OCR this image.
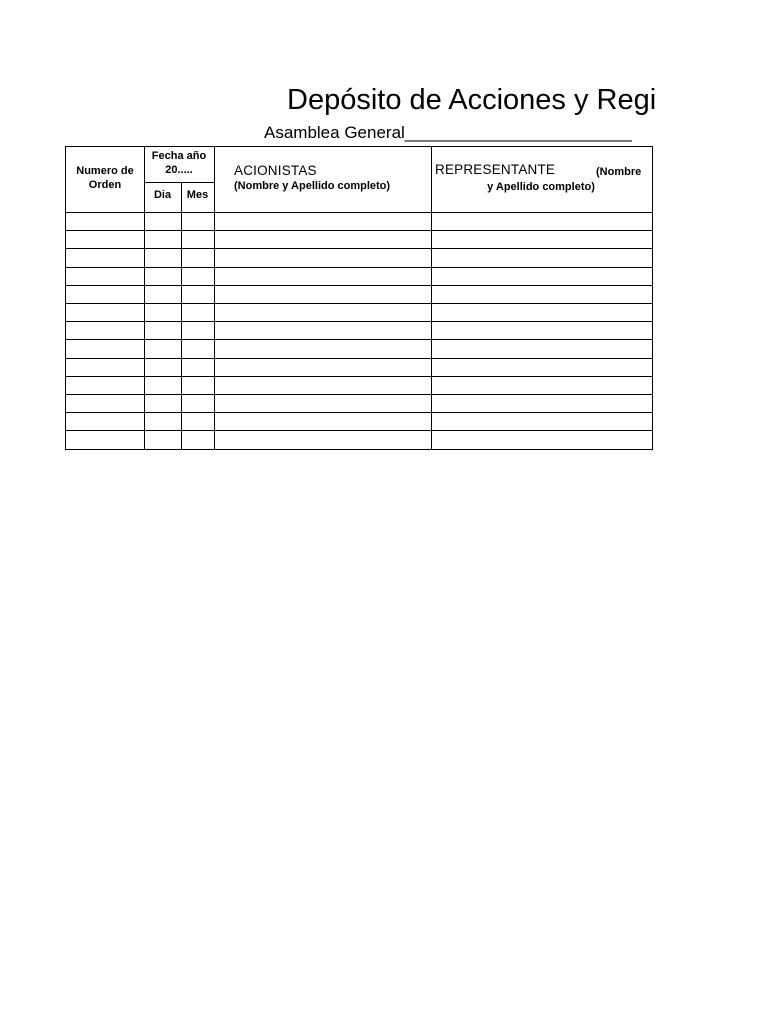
Depósito de Acciones y Regi
Asamblea General________________________
Numero de
Orden
Fecha año
20.....
Dia	Mes
ACIONISTAS
(Nombre y Apellido completo)
REPRESENTANTE	(Nombre
y Apellido completo)
